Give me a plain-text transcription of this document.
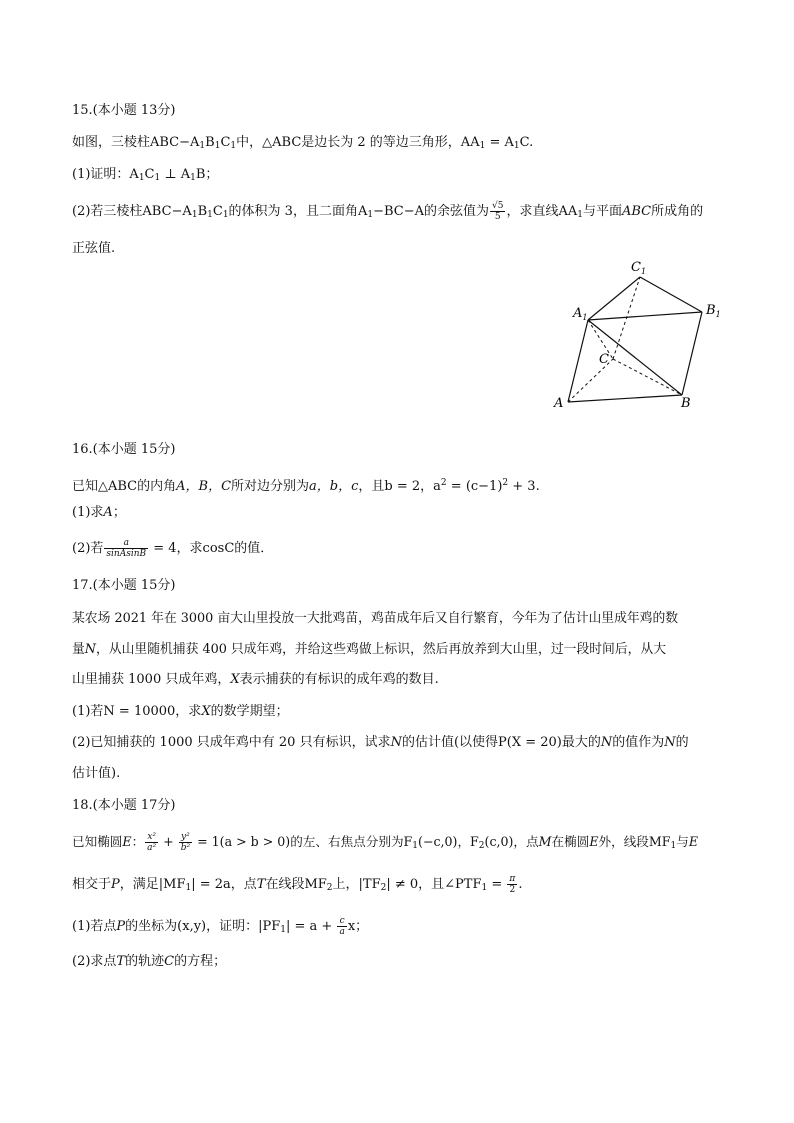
15.(本小题 13分)
如图，三棱柱$ABC-A_1B_1C_1$中，△ABC是边长为 2 的等边三角形，$AA_1 = A_1C$.
(1)证明：$A_1C_1$ ⊥ $A_1B$；
(2)若三棱柱$ABC-A_1B_1C_1$的体积为 3，且二面角$A_1-BC-A$的余弦值为 $\frac{√5}{5}$ ，求直线$AA_1$与平面ABC所成角的
正弦值.
$C_1$
$A_1$	$B_1$
C
A	B
16.(本小题 15分)
已知△ABC的内角A，B，C所对边分别为a，b，c，且b = 2，$a^2 = (c-1)^2 + 3$.
(1)求A；
(2)若 $\frac{a}{\text{sinAsinB}} = 4$，求cosC的值．
17.(本小题 15分)
某农场 2021 年在 3000 亩大山里投放一大批鸡苗，鸡苗成年后又自行繁育，今年为了估计山里成年鸡的数
量N，从山里随机捕获 400 只成年鸡，并给这些鸡做上标识，然后再放养到大山里，过一段时间后，从大
山里捕获 1000 只成年鸡，X表示捕获的有标识的成年鸡的数目.
(1)若N = 10000，求X的数学期望；
(2)已知捕获的 1000 只成年鸡中有 20 只有标识，试求N的估计值(以使得P(X = 20)最大的N的值作为N的
估计值).
18.(本小题 17分)
已知椭圆E： $\frac{\text{x²}}{\text{a²}} + \frac{\text{y²}}{\text{b²}} = 1(a > b > 0)$的左、右焦点分别为$F_1(-c,0)$，$F_2(c,0)$，点M在椭圆E外，线段$MF_1$与E
相交于P，满足$|MF_1| = 2a$，点T在线段$MF_2$上，$|TF_2| \ne 0$，且$\angle PTF_1 = \frac{\pi}{2}$ .
(1)若点P的坐标为(x,y)，证明：$|PF_1| = a + \frac{c}{a}$ x；
(2)求点T的轨迹C的方程；
